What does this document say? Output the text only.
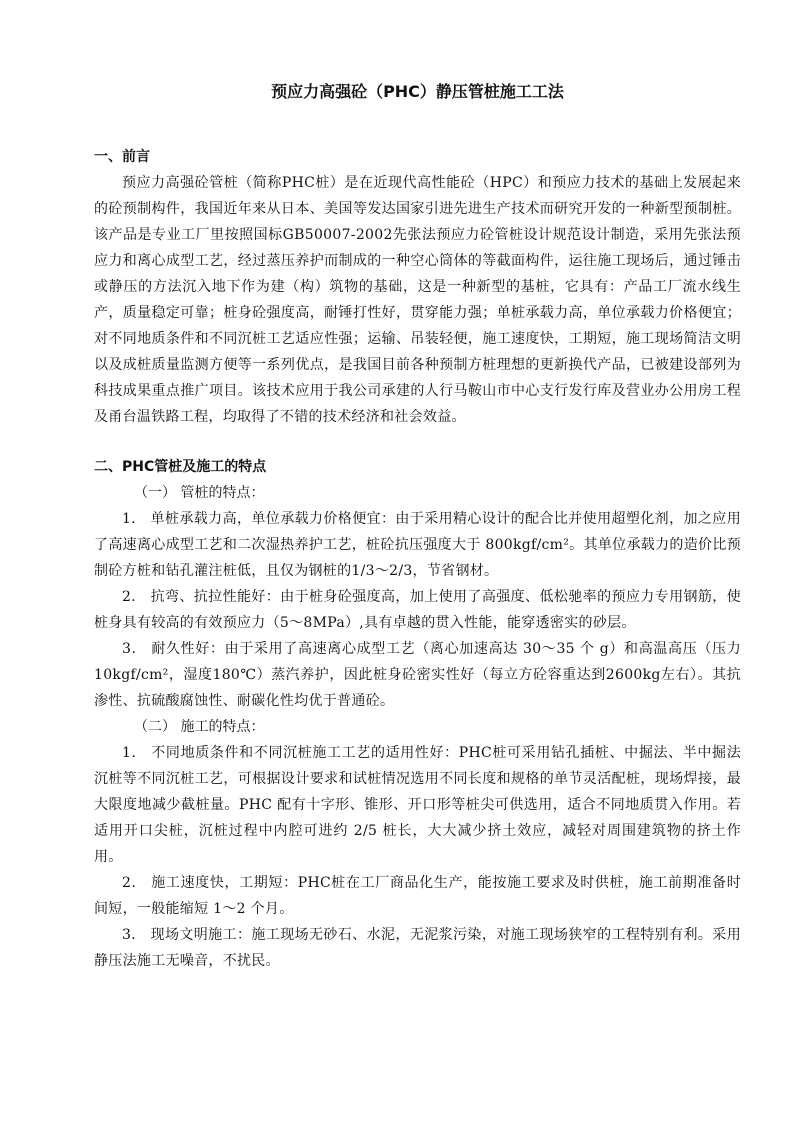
预应力高强砼（PHC）静压管桩施工工法
一、前言
预应力高强砼管桩（简称PHC桩）是在近现代高性能砼（HPC）和预应力技术的基础上发展起来的砼预制构件，我国近年来从日本、美国等发达国家引进先进生产技术而研究开发的一种新型预制桩。该产品是专业工厂里按照国标GB50007-2002先张法预应力砼管桩设计规范设计制造，采用先张法预应力和离心成型工艺，经过蒸压养护而制成的一种空心筒体的等截面构件，运往施工现场后，通过锤击或静压的方法沉入地下作为建（构）筑物的基础，这是一种新型的基桩，它具有：产品工厂流水线生产，质量稳定可靠；桩身砼强度高，耐锤打性好，贯穿能力强；单桩承载力高，单位承载力价格便宜；对不同地质条件和不同沉桩工艺适应性强；运输、吊装轻便，施工速度快，工期短，施工现场简洁文明以及成桩质量监测方便等一系列优点，是我国目前各种预制方桩理想的更新换代产品，已被建设部列为科技成果重点推广项目。该技术应用于我公司承建的人行马鞍山市中心支行发行库及营业办公用房工程及甬台温铁路工程，均取得了不错的技术经济和社会效益。
二、PHC管桩及施工的特点
（一） 管桩的特点：
1． 单桩承载力高，单位承载力价格便宜：由于采用精心设计的配合比并使用超塑化剂，加之应用了高速离心成型工艺和二次湿热养护工艺，桩砼抗压强度大于 800kgf/cm²。其单位承载力的造价比预制砼方桩和钻孔灌注桩低，且仅为钢桩的1/3～2/3，节省钢材。
2． 抗弯、抗拉性能好：由于桩身砼强度高，加上使用了高强度、低松驰率的预应力专用钢筋，使桩身具有较高的有效预应力（5～8MPa）,具有卓越的贯入性能，能穿透密实的砂层。
3． 耐久性好：由于采用了高速离心成型工艺（离心加速高达 30～35 个 g）和高温高压（压力10kgf/cm²，湿度180℃）蒸汽养护，因此桩身砼密实性好（每立方砼容重达到2600kg左右）。其抗渗性、抗硫酸腐蚀性、耐碳化性均优于普通砼。
（二） 施工的特点：
1． 不同地质条件和不同沉桩施工工艺的适用性好：PHC桩可采用钻孔插桩、中掘法、半中掘法沉桩等不同沉桩工艺，可根据设计要求和试桩情况选用不同长度和规格的单节灵活配桩，现场焊接，最大限度地减少截桩量。PHC 配有十字形、锥形、开口形等桩尖可供选用，适合不同地质贯入作用。若适用开口尖桩，沉桩过程中内腔可进约 2/5 桩长，大大减少挤土效应，减轻对周围建筑物的挤土作用。
2． 施工速度快，工期短：PHC桩在工厂商品化生产，能按施工要求及时供桩，施工前期准备时间短，一般能缩短 1～2 个月。
3． 现场文明施工：施工现场无砂石、水泥，无泥浆污染，对施工现场狭窄的工程特别有利。采用静压法施工无噪音，不扰民。
